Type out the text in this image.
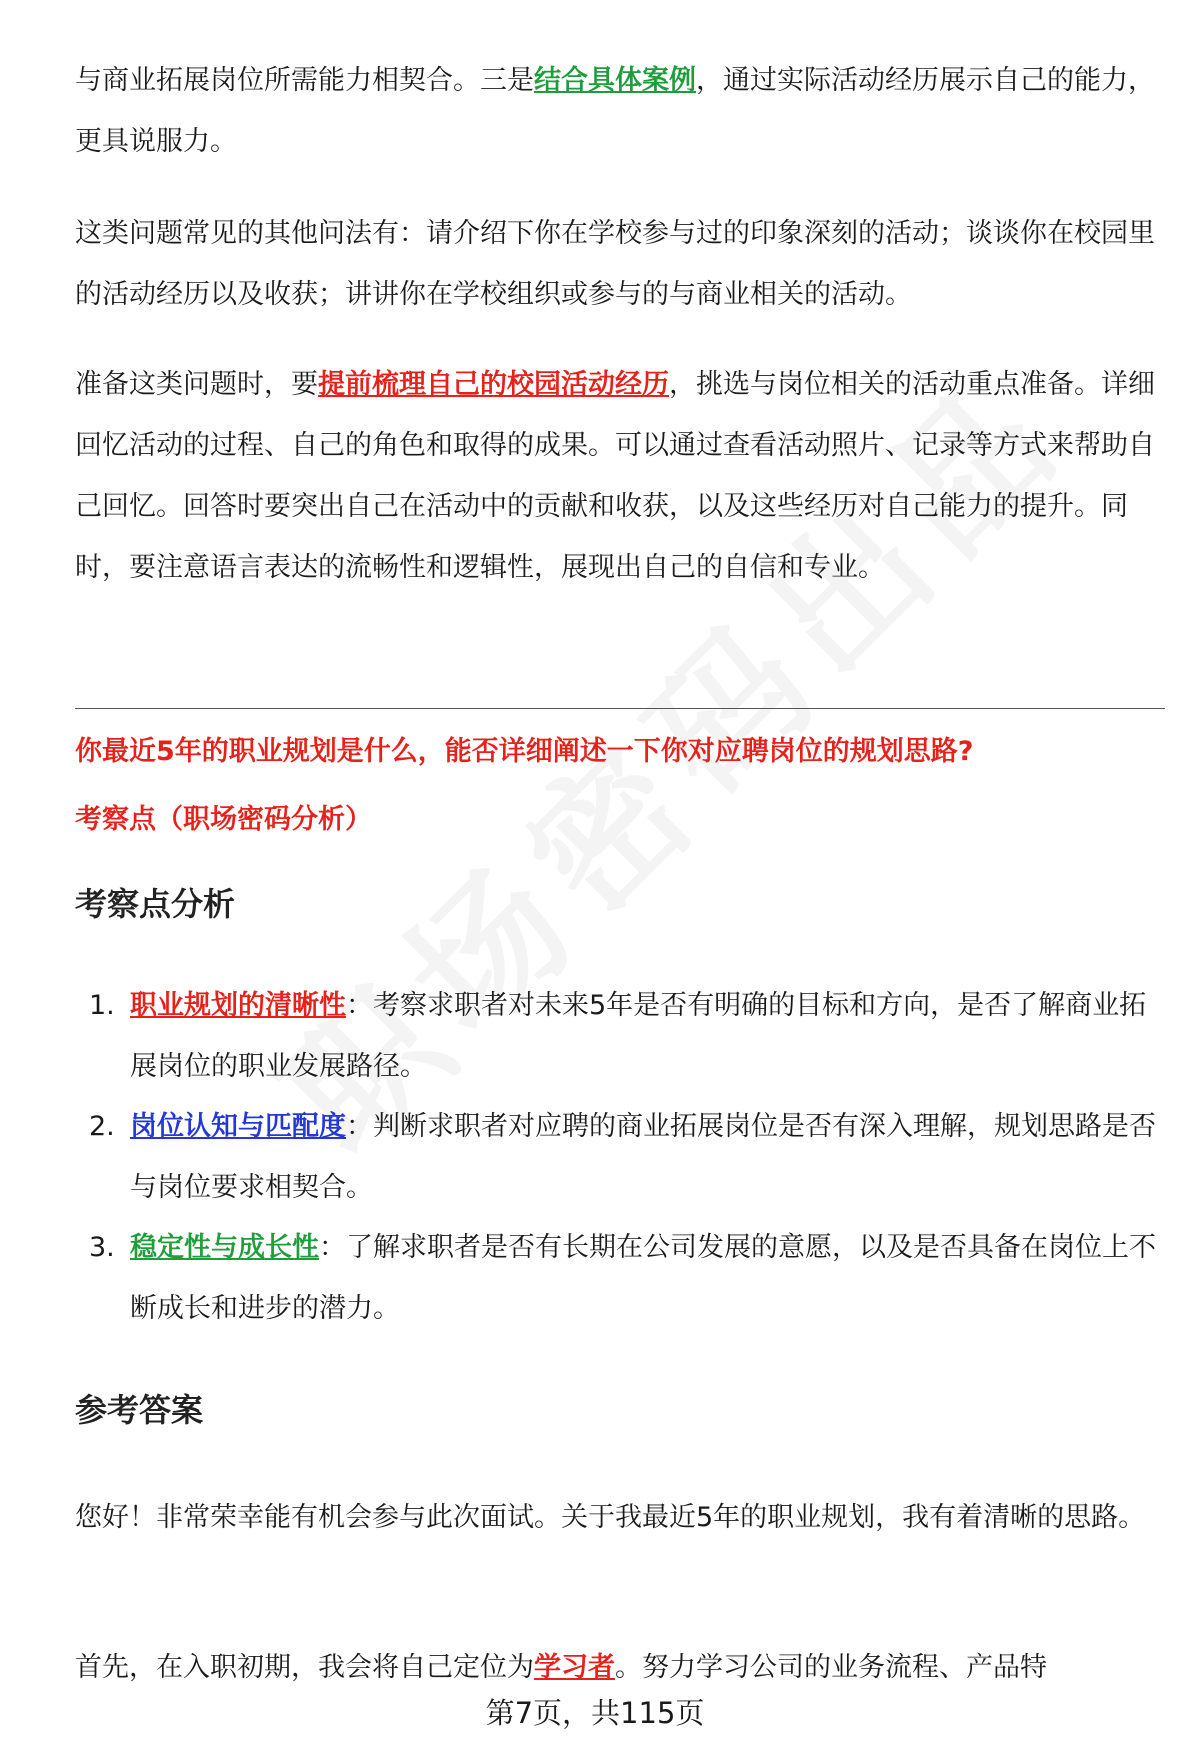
与商业拓展岗位所需能力相契合。三是结合具体案例，通过实际活动经历展示自己的能力，更具说服力。

这类问题常见的其他问法有：请介绍下你在学校参与过的印象深刻的活动；谈谈你在校园里的活动经历以及收获；讲讲你在学校组织或参与的与商业相关的活动。

准备这类问题时，要提前梳理自己的校园活动经历，挑选与岗位相关的活动重点准备。详细回忆活动的过程、自己的角色和取得的成果。可以通过查看活动照片、记录等方式来帮助自己回忆。回答时要突出自己在活动中的贡献和收获，以及这些经历对自己能力的提升。同时，要注意语言表达的流畅性和逻辑性，展现出自己的自信和专业。

你最近5年的职业规划是什么，能否详细阐述一下你对应聘岗位的规划思路?
考察点（职场密码分析）
考察点分析
1. 职业规划的清晰性：考察求职者对未来5年是否有明确的目标和方向，是否了解商业拓展岗位的职业发展路径。
2. 岗位认知与匹配度：判断求职者对应聘的商业拓展岗位是否有深入理解，规划思路是否与岗位要求相契合。
3. 稳定性与成长性：了解求职者是否有长期在公司发展的意愿，以及是否具备在岗位上不断成长和进步的潜力。
参考答案

您好！非常荣幸能有机会参与此次面试。关于我最近5年的职业规划，我有着清晰的思路。

首先，在入职初期，我会将自己定位为学习者。努力学习公司的业务流程、产品特

第7页，共115页
